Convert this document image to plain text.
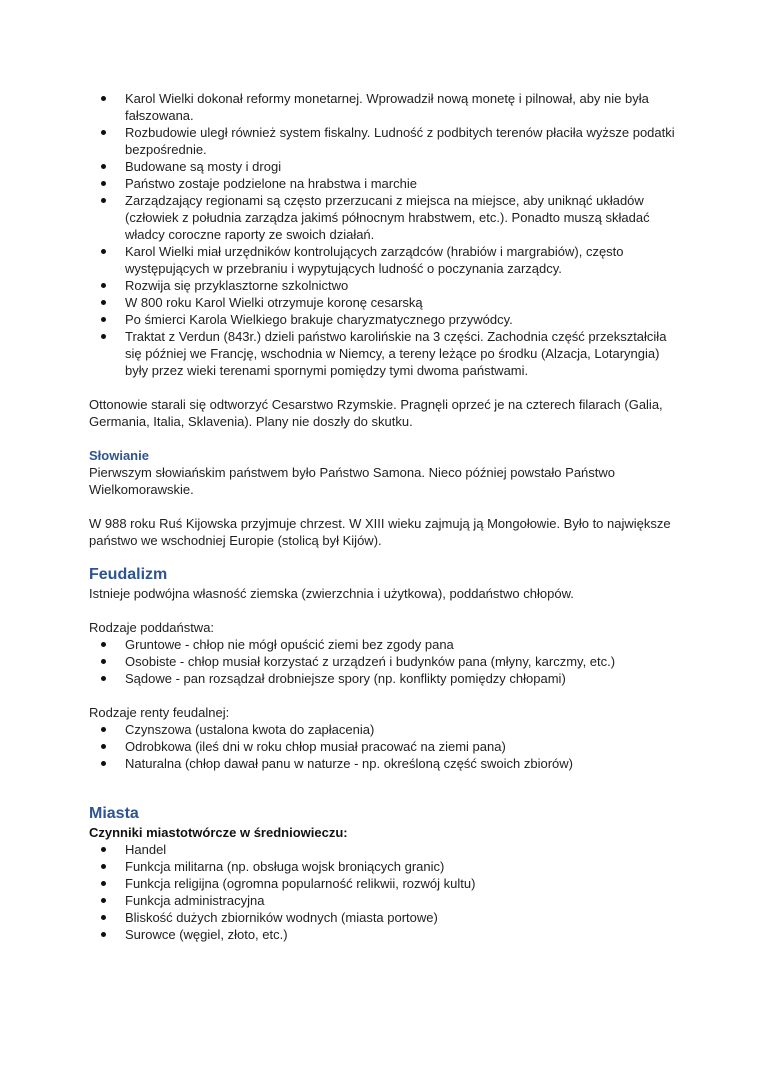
Karol Wielki dokonał reformy monetarnej. Wprowadził nową monetę i pilnował, aby nie była fałszowana.
Rozbudowie uległ również system fiskalny. Ludność z podbitych terenów płaciła wyższe podatki bezpośrednie.
Budowane są mosty i drogi
Państwo zostaje podzielone na hrabstwa i marchie
Zarządzający regionami są często przerzucani z miejsca na miejsce, aby uniknąć układów (człowiek z południa zarządza jakimś północnym hrabstwem, etc.). Ponadto muszą składać władcy coroczne raporty ze swoich działań.
Karol Wielki miał urzędników kontrolujących zarządców (hrabiów i margrabiów), często występujących w przebraniu i wypytujących ludność o poczynania zarządcy.
Rozwija się przyklasztorne szkolnictwo
W 800 roku Karol Wielki otrzymuje koronę cesarską
Po śmierci Karola Wielkiego brakuje charyzmatycznego przywódcy.
Traktat z Verdun (843r.) dzieli państwo karolińskie na 3 części. Zachodnia część przekształciła się później we Francję, wschodnia w Niemcy, a tereny leżące po środku (Alzacja, Lotaryngia) były przez wieki terenami spornymi pomiędzy tymi dwoma państwami.

Ottonowie starali się odtworzyć Cesarstwo Rzymskie. Pragnęli oprzeć je na czterech filarach (Galia, Germania, Italia, Sklavenia). Plany nie doszły do skutku.

Słowianie

Pierwszym słowiańskim państwem było Państwo Samona. Nieco później powstało Państwo Wielkomorawskie.

W 988 roku Ruś Kijowska przyjmuje chrzest. W XIII wieku zajmują ją Mongołowie. Było to największe państwo we wschodniej Europie (stolicą był Kijów).

Feudalizm

Istnieje podwójna własność ziemska (zwierzchnia i użytkowa), poddaństwo chłopów.

Rodzaje poddaństwa:

Gruntowe - chłop nie mógł opuścić ziemi bez zgody pana
Osobiste - chłop musiał korzystać z urządzeń i budynków pana (młyny, karczmy, etc.)
Sądowe - pan rozsądzał drobniejsze spory (np. konflikty pomiędzy chłopami)

Rodzaje renty feudalnej:

Czynszowa (ustalona kwota do zapłacenia)
Odrobkowa (ileś dni w roku chłop musiał pracować na ziemi pana)
Naturalna (chłop dawał panu w naturze - np. określoną część swoich zbiorów)

Miasta

Czynniki miastotwórcze w średniowieczu:

Handel
Funkcja militarna (np. obsługa wojsk broniących granic)
Funkcja religijna (ogromna popularność relikwii, rozwój kultu)
Funkcja administracyjna
Bliskość dużych zbiorników wodnych (miasta portowe)
Surowce (węgiel, złoto, etc.)
